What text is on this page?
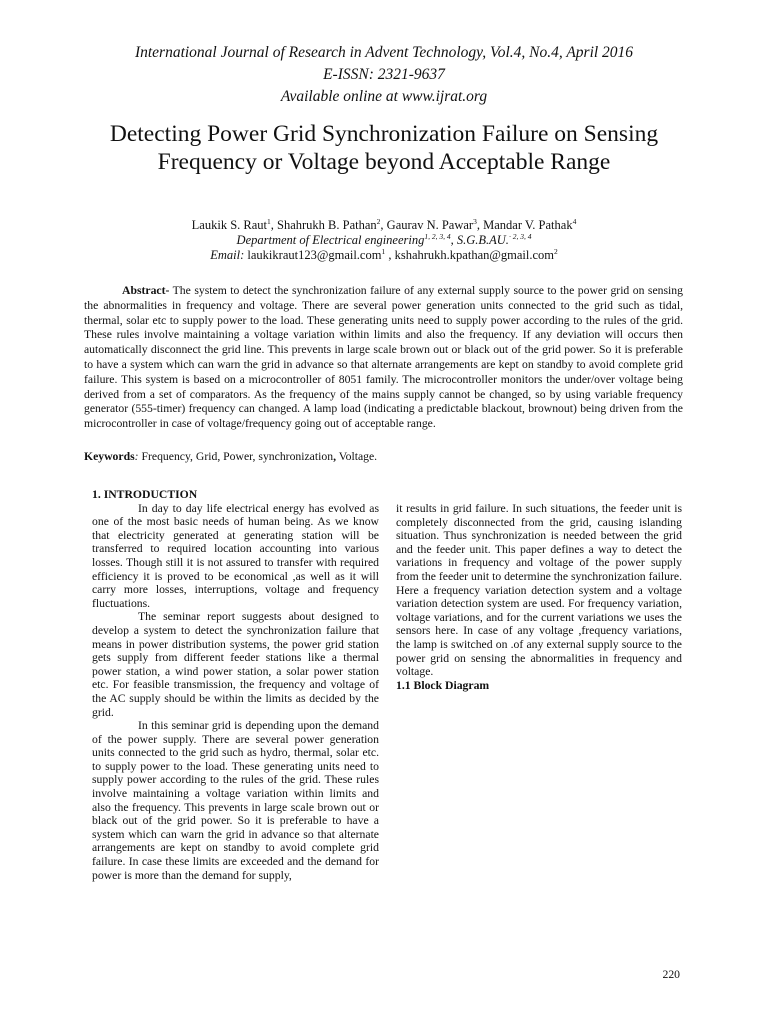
International Journal of Research in Advent Technology, Vol.4, No.4, April 2016
E-ISSN: 2321-9637
Available online at www.ijrat.org
Detecting Power Grid Synchronization Failure on Sensing Frequency or Voltage beyond Acceptable Range
Laukik S. Raut$^1$, Shahrukh B. Pathan$^2$, Gaurav N. Pawar$^3$, Mandar V. Pathak$^4$
Department of Electrical engineering$^{1, 2, 3, 4}$, S.G.B.AU.$^{\cdot 2, 3, 4}$
Email: laukikraut123@gmail.com$^1$ , kshahrukh.kpathan@gmail.com$^2$

Abstract- The system to detect the synchronization failure of any external supply source to the power grid on sensing the abnormalities in frequency and voltage. There are several power generation units connected to the grid such as tidal, thermal, solar etc to supply power to the load. These generating units need to supply power according to the rules of the grid. These rules involve maintaining a voltage variation within limits and also the frequency. If any deviation will occurs then automatically disconnect the grid line. This prevents in large scale brown out or black out of the grid power. So it is preferable to have a system which can warn the grid in advance so that alternate arrangements are kept on standby to avoid complete grid failure. This system is based on a microcontroller of 8051 family. The microcontroller monitors the under/over voltage being derived from a set of comparators. As the frequency of the mains supply cannot be changed, so by using variable frequency generator (555-timer) frequency can changed. A lamp load (indicating a predictable blackout, brownout) being driven from the microcontroller in case of voltage/frequency going out of acceptable range.

Keywords: Frequency, Grid, Power, synchronization, Voltage.

1. INTRODUCTION

In day to day life electrical energy has evolved as one of the most basic needs of human being. As we know that electricity generated at generating station will be transferred to required location accounting into various losses. Though still it is not assured to transfer with required efficiency it is proved to be economical ,as well as it will carry more losses, interruptions, voltage and frequency fluctuations.

The seminar report suggests about designed to develop a system to detect the synchronization failure that means in power distribution systems, the power grid station gets supply from different feeder stations like a thermal power station, a wind power station, a solar power station etc. For feasible transmission, the frequency and voltage of the AC supply should be within the limits as decided by the grid.

In this seminar grid is depending upon the demand of the power supply. There are several power generation units connected to the grid such as hydro, thermal, solar etc. to supply power to the load. These generating units need to supply power according to the rules of the grid. These rules involve maintaining a voltage variation within limits and also the frequency. This prevents in large scale brown out or black out of the grid power. So it is preferable to have a system which can warn the grid in advance so that alternate arrangements are kept on standby to avoid complete grid failure. In case these limits are exceeded and the demand for power is more than the demand for supply,

it results in grid failure. In such situations, the feeder unit is completely disconnected from the grid, causing islanding situation. Thus synchronization is needed between the grid and the feeder unit. This paper defines a way to detect the variations in frequency and voltage of the power supply from the feeder unit to determine the synchronization failure. Here a frequency variation detection system and a voltage variation detection system are used. For frequency variation, voltage variations, and for the current variations we uses the sensors here. In case of any voltage ,frequency variations, the lamp is switched on .of any external supply source to the power grid on sensing the abnormalities in frequency and voltage.

1.1 Block Diagram

220
